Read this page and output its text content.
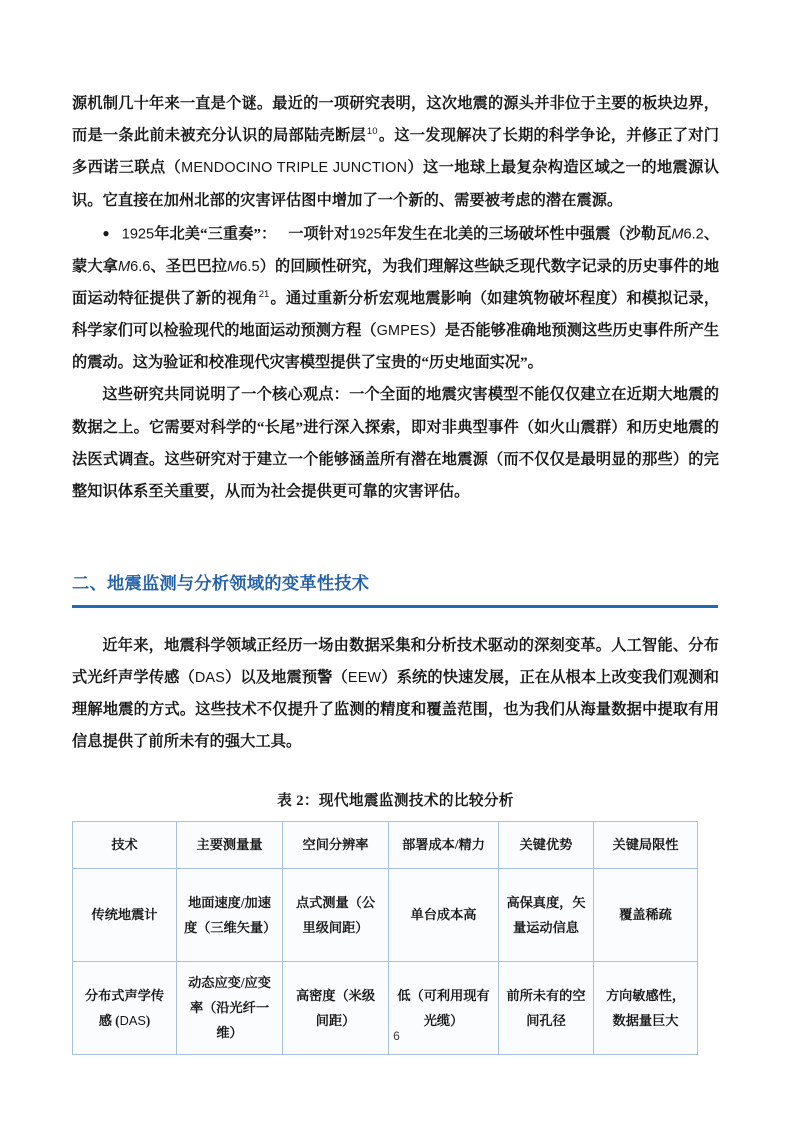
源机制几十年来一直是个谜。最近的一项研究表明，这次地震的源头并非位于主要的板块边界，而是一条此前未被充分认识的局部陆壳断层$^{10}$。这一发现解决了长期的科学争论，并修正了对门多西诺三联点（MENDOCINO TRIPLE JUNCTION）这一地球上最复杂构造区域之一的地震源认识。它直接在加州北部的灾害评估图中增加了一个新的、需要被考虑的潜在震源。

● 1925年北美“三重奏”： 一项针对1925年发生在北美的三场破坏性中强震（沙勒瓦M6.2、蒙大拿M6.6、圣巴巴拉M6.5）的回顾性研究，为我们理解这些缺乏现代数字记录的历史事件的地面运动特征提供了新的视角$^{21}$。通过重新分析宏观地震影响（如建筑物破坏程度）和模拟记录，科学家们可以检验现代的地面运动预测方程（GMPES）是否能够准确地预测这些历史事件所产生的震动。这为验证和校准现代灾害模型提供了宝贵的“历史地面实况”。

这些研究共同说明了一个核心观点：一个全面的地震灾害模型不能仅仅建立在近期大地震的数据之上。它需要对科学的“长尾”进行深入探索，即对非典型事件（如火山震群）和历史地震的法医式调查。这些研究对于建立一个能够涵盖所有潜在地震源（而不仅仅是最明显的那些）的完整知识体系至关重要，从而为社会提供更可靠的灾害评估。

二、地震监测与分析领域的变革性技术

近年来，地震科学领域正经历一场由数据采集和分析技术驱动的深刻变革。人工智能、分布式光纤声学传感（DAS）以及地震预警（EEW）系统的快速发展，正在从根本上改变我们观测和理解地震的方式。这些技术不仅提升了监测的精度和覆盖范围，也为我们从海量数据中提取有用信息提供了前所未有的强大工具。

表 2：现代地震监测技术的比较分析
技术	主要测量量	空间分辨率	部署成本/精力	关键优势	关键局限性
传统地震计	地面速度/加速度（三维矢量）	点式测量（公里级间距）	单台成本高	高保真度，矢量运动信息	覆盖稀疏
分布式声学传感 (DAS)	动态应变/应变率（沿光纤一维）	高密度（米级间距）	低（可利用现有光缆）	前所未有的空间孔径	方向敏感性，数据量巨大
6
